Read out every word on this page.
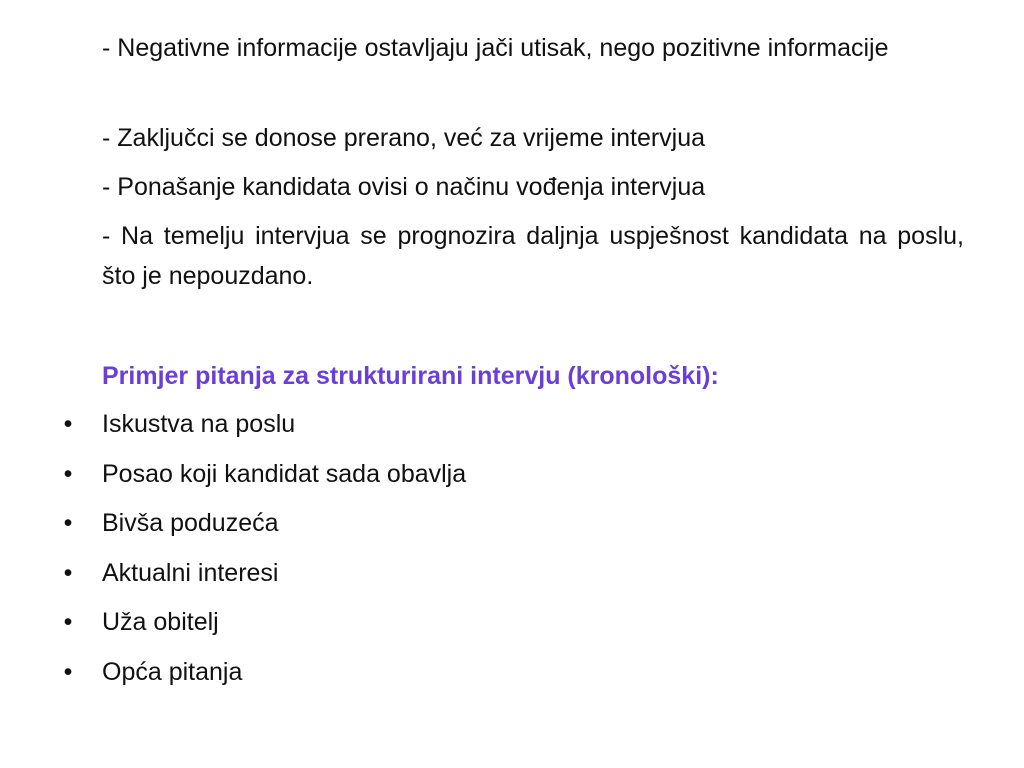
- Negativne informacije ostavljaju jači utisak, nego pozitivne informacije
- Zaključci se donose prerano, već za vrijeme intervjua
- Ponašanje kandidata ovisi o načinu vođenja intervjua
- Na temelju intervjua se prognozira daljnja uspješnost kandidata na poslu, što je nepouzdano.
Primjer pitanja za strukturirani intervju (kronološki):
• Iskustva na poslu
• Posao koji kandidat sada obavlja
• Bivša poduzeća
• Aktualni interesi
• Uža obitelj
• Opća pitanja
